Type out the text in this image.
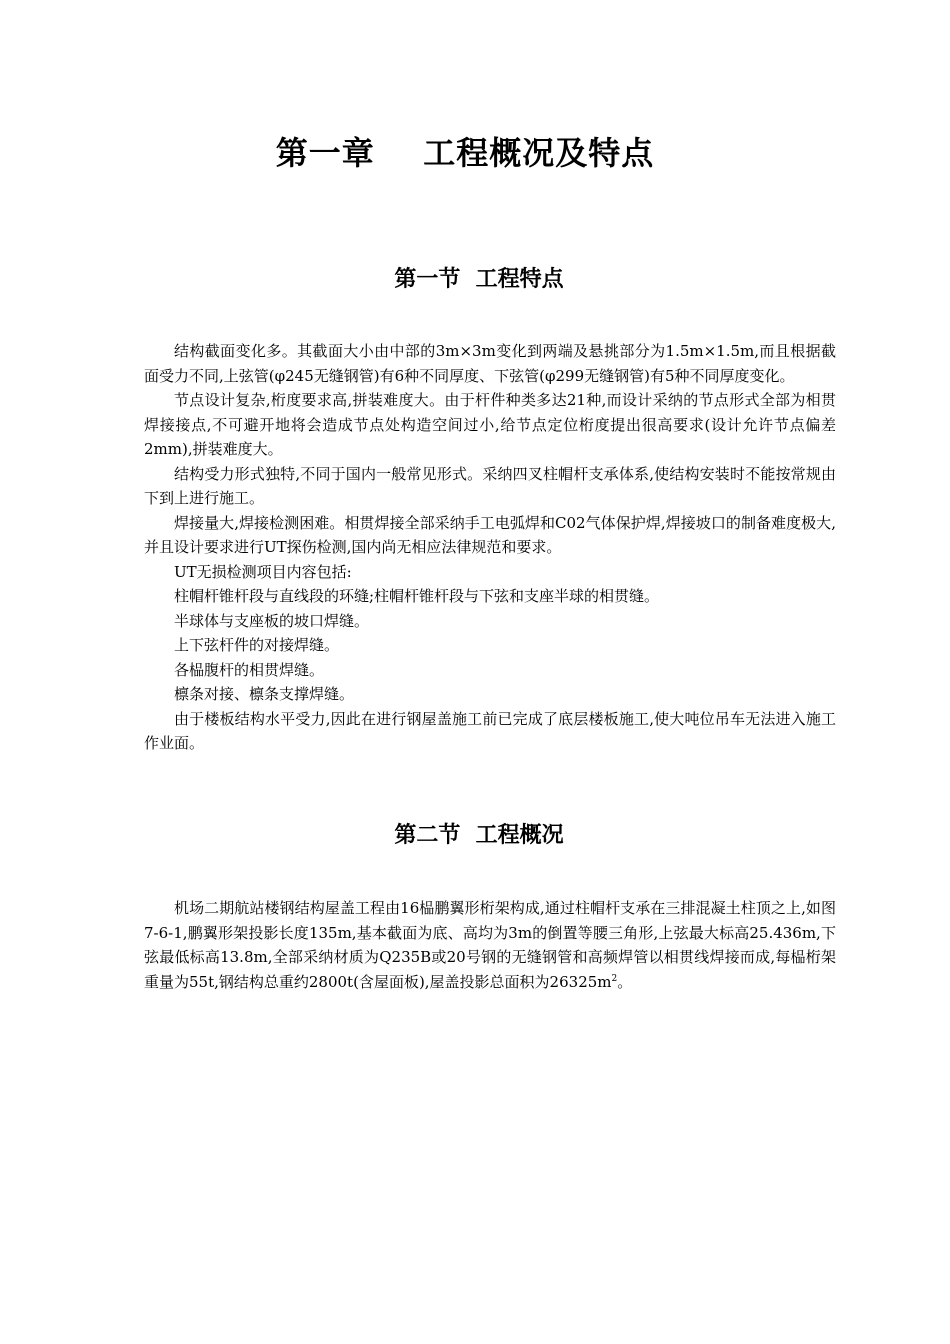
第一章    工程概况及特点
第一节  工程特点

结构截面变化多。其截面大小由中部的3m×3m变化到两端及悬挑部分为1.5m×1.5m,而且根据截面受力不同,上弦管(φ245无缝钢管)有6种不同厚度、下弦管(φ299无缝钢管)有5种不同厚度变化。

节点设计复杂,桁度要求高,拼装难度大。由于杆件种类多达21种,而设计采纳的节点形式全部为相贯焊接接点,不可避开地将会造成节点处构造空间过小,给节点定位桁度提出很高要求(设计允许节点偏差2mm),拼装难度大。

结构受力形式独特,不同于国内一般常见形式。采纳四叉柱帽杆支承体系,使结构安装时不能按常规由下到上进行施工。

焊接量大,焊接检测困难。相贯焊接全部采纳手工电弧焊和C02气体保护焊,焊接坡口的制备难度极大,并且设计要求进行UT探伤检测,国内尚无相应法律规范和要求。

UT无损检测项目内容包括:

柱帽杆锥杆段与直线段的环缝;柱帽杆锥杆段与下弦和支座半球的相贯缝。

半球体与支座板的坡口焊缝。

上下弦杆件的对接焊缝。

各榀腹杆的相贯焊缝。

檩条对接、檩条支撑焊缝。

由于楼板结构水平受力,因此在进行钢屋盖施工前已完成了底层楼板施工,使大吨位吊车无法进入施工作业面。

第二节  工程概况

机场二期航站楼钢结构屋盖工程由16榀鹏翼形桁架构成,通过柱帽杆支承在三排混凝土柱顶之上,如图7-6-1,鹏翼形架投影长度135m,基本截面为底、高均为3m的倒置等腰三角形,上弦最大标高25.436m,下弦最低标高13.8m,全部采纳材质为Q235B或20号钢的无缝钢管和高频焊管以相贯线焊接而成,每榀桁架重量为55t,钢结构总重约2800t(含屋面板),屋盖投影总面积为$26325m^2$。
